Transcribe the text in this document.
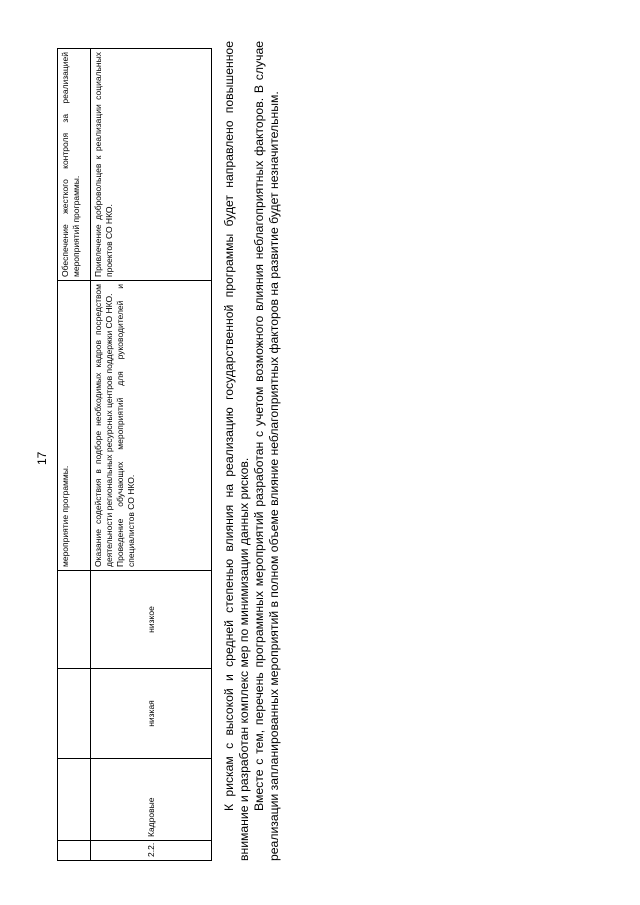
17
				мероприятие программы.	Обеспечение жесткого контроля за реализацией мероприятий программы.
2.2.	Кадровые	низкая	низкое	Оказание содействия в подборе необходимых кадров посредством деятельности региональных ресурсных центров поддержки СО НКО. Проведение обучающих мероприятий для руководителей и специалистов СО НКО.	Привлечение добровольцев к реализации социальных проектов СО НКО.	К рискам с высокой и средней степенью влияния на реализацию государственной программы будет направлено повышенное внимание и разработан комплекс мер по минимизации данных рисков. Вместе с тем, перечень программных мероприятий разработан с учетом возможного влияния неблагоприятных факторов. В случае реализации запланированных мероприятий в полном объеме влияние неблагоприятных факторов на развитие будет незначительным.
